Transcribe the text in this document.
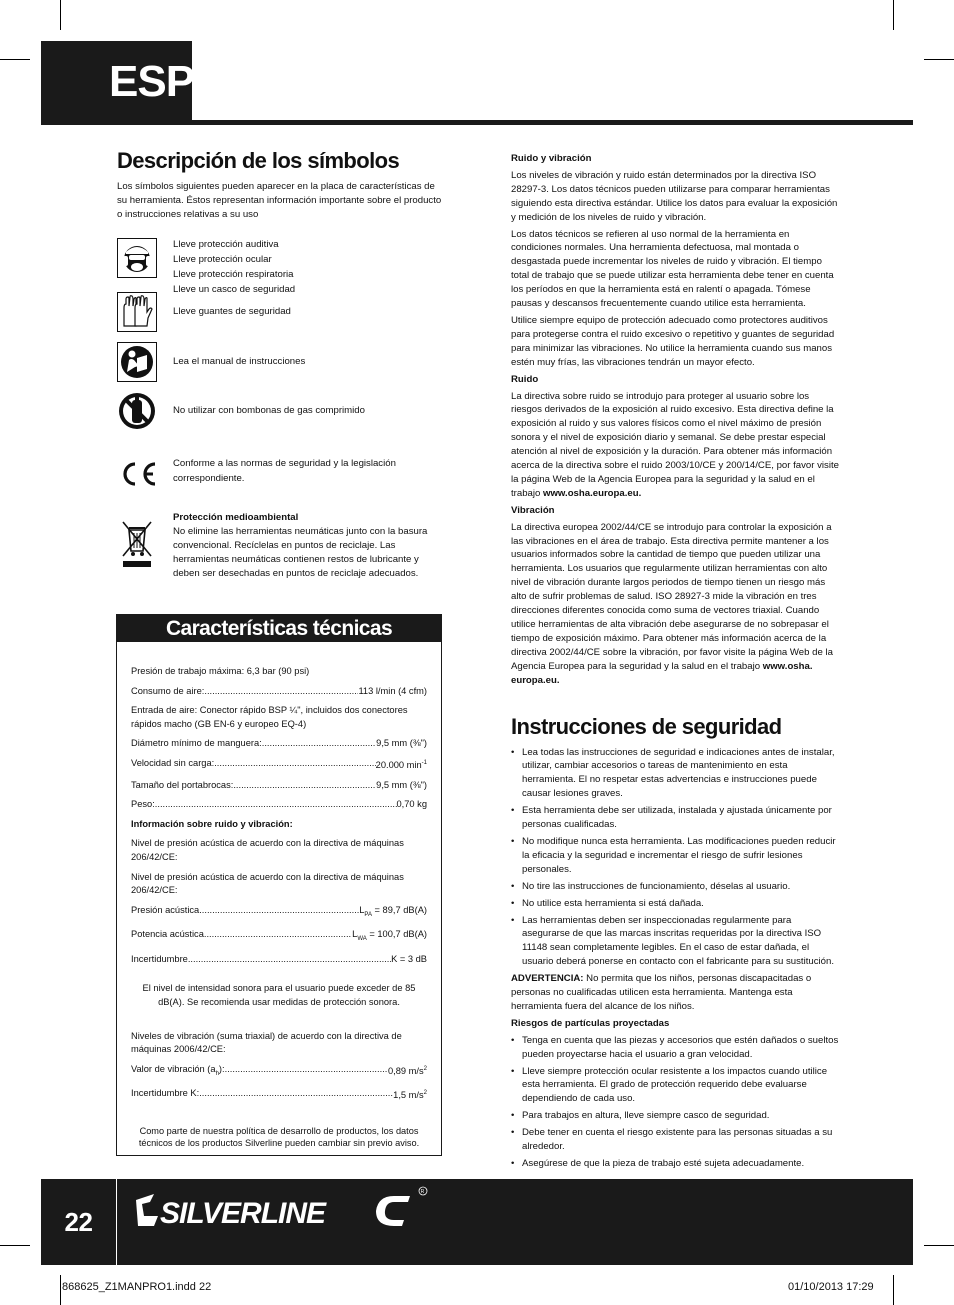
ESP
Descripción de los símbolos

Los símbolos siguientes pueden aparecer en la placa de características de su herramienta. Éstos representan información importante sobre el producto o instrucciones relativas a su uso

Lleve protección auditiva

Lleve protección ocular

Lleve protección respiratoria

Lleve un casco de seguridad

Lleve guantes de seguridad
Lea el manual de instrucciones
No utilizar con bombonas de gas comprimido
Conforme a las normas de seguridad y la legislación correspondiente.

Protección medioambiental

No elimine las herramientas neumáticas junto con la basura convencional. Recíclelas en puntos de reciclaje. Las herramientas neumáticas contienen restos de lubricante y deben ser desechadas en puntos de reciclaje adecuados.

Características técnicas

Presión de trabajo máxima: 6,3 bar (90 psi)

Consumo de aire: .....	113 l/min (4 cfm)

Entrada de aire: Conector rápido BSP ¼", incluidos dos conectores rápidos macho (GB EN-6 y europeo EQ-4)

Diámetro mínimo de manguera: .....	9,5 mm (⅜")

Velocidad sin carga: .....	20.000 $\min^{-1}$

Tamaño del portabrocas: .....	9,5 mm (⅜")

Peso: .....	0,70 kg

Información sobre ruido y vibración:

Nivel de presión acústica de acuerdo con la directiva de máquinas 206/42/CE:

Nivel de presión acústica de acuerdo con la directiva de máquinas 206/42/CE:

Presión acústica .....	$L_{PA} = 89,7$ dB(A)

Potencia acústica .....	$L_{WA} = 100,7$ dB(A)

Incertidumbre .....	K = 3 dB

El nivel de intensidad sonora para el usuario puede exceder de 85 dB(A). Se recomienda usar medidas de protección sonora.

Niveles de vibración (suma triaxial) de acuerdo con la directiva de máquinas 2006/42/CE:

Valor de vibración $(a_h)$: .....	0,89 $m/s^2$

Incertidumbre K: .....	1,5 $m/s^2$

Como parte de nuestra política de desarrollo de productos, los datos técnicos de los productos Silverline pueden cambiar sin previo aviso.

Ruido y vibración

Los niveles de vibración y ruido están determinados por la directiva ISO 28297-3. Los datos técnicos pueden utilizarse para comparar herramientas siguiendo esta directiva estándar. Utilice los datos para evaluar la exposición y medición de los niveles de ruido y vibración.

Los datos técnicos se refieren al uso normal de la herramienta en condiciones normales. Una herramienta defectuosa, mal montada o desgastada puede incrementar los niveles de ruido y vibración. El tiempo total de trabajo que se puede utilizar esta herramienta debe tener en cuenta los períodos en que la herramienta está en ralentí o apagada. Tómese pausas y descansos frecuentemente cuando utilice esta herramienta.

Utilice siempre equipo de protección adecuado como protectores auditivos para protegerse contra el ruido excesivo o repetitivo y guantes de seguridad para minimizar las vibraciones. No utilice la herramienta cuando sus manos estén muy frías, las vibraciones tendrán un mayor efecto.

Ruido

La directiva sobre ruido se introdujo para proteger al usuario sobre los riesgos derivados de la exposición al ruido excesivo. Esta directiva define la exposición al ruido y sus valores físicos como el nivel máximo de presión sonora y el nivel de exposición diario y semanal. Se debe prestar especial atención al nivel de exposición y la duración. Para obtener más información acerca de la directiva sobre el ruido 2003/10/CE y 200/14/CE, por favor visite la página Web de la Agencia Europea para la seguridad y la salud en el trabajo www.osha.europa.eu.

Vibración

La directiva europea 2002/44/CE se introdujo para controlar la exposición a las vibraciones en el área de trabajo. Esta directiva permite mantener a los usuarios informados sobre la cantidad de tiempo que pueden utilizar una herramienta. Los usuarios que regularmente utilizan herramientas con alto nivel de vibración durante largos periodos de tiempo tienen un riesgo más alto de sufrir problemas de salud. ISO 28927-3 mide la vibración en tres direcciones diferentes conocida como suma de vectores triaxial. Cuando utilice herramientas de alta vibración debe asegurarse de no sobrepasar el tiempo de exposición máximo. Para obtener más información acerca de la directiva 2002/44/CE sobre la vibración, por favor visite la página Web de la Agencia Europea para la seguridad y la salud en el trabajo www.osha. europa.eu.

Instrucciones de seguridad
• Lea todas las instrucciones de seguridad e indicaciones antes de instalar, utilizar, cambiar accesorios o tareas de mantenimiento en esta herramienta. El no respetar estas advertencias e instrucciones puede causar lesiones graves.
• Esta herramienta debe ser utilizada, instalada y ajustada únicamente por personas cualificadas.
• No modifique nunca esta herramienta. Las modificaciones pueden reducir la eficacia y la seguridad e incrementar el riesgo de sufrir lesiones personales.
• No tire las instrucciones de funcionamiento, déselas al usuario.
• No utilice esta herramienta si está dañada.
• Las herramientas deben ser inspeccionadas regularmente para asegurarse de que las marcas inscritas requeridas por la directiva ISO 11148 sean completamente legibles. En el caso de estar dañada, el usuario deberá ponerse en contacto con el fabricante para su sustitución.

ADVERTENCIA: No permita que los niños, personas discapacitadas o personas no cualificadas utilicen esta herramienta. Mantenga esta herramienta fuera del alcance de los niños.

Riesgos de partículas proyectadas

• Tenga en cuenta que las piezas y accesorios que estén dañados o sueltos pueden proyectarse hacia el usuario a gran velocidad.
• Lleve siempre protección ocular resistente a los impactos cuando utilice esta herramienta. El grado de protección requerido debe evaluarse dependiendo de cada uso.
• Para trabajos en altura, lleve siempre casco de seguridad.
• Debe tener en cuenta el riesgo existente para las personas situadas a su alrededor.
• Asegúrese de que la pieza de trabajo esté sujeta adecuadamente.
22 SILVERLINE
R
868625_Z1MANPRO1.indd 22	01/10/2013 17:29
